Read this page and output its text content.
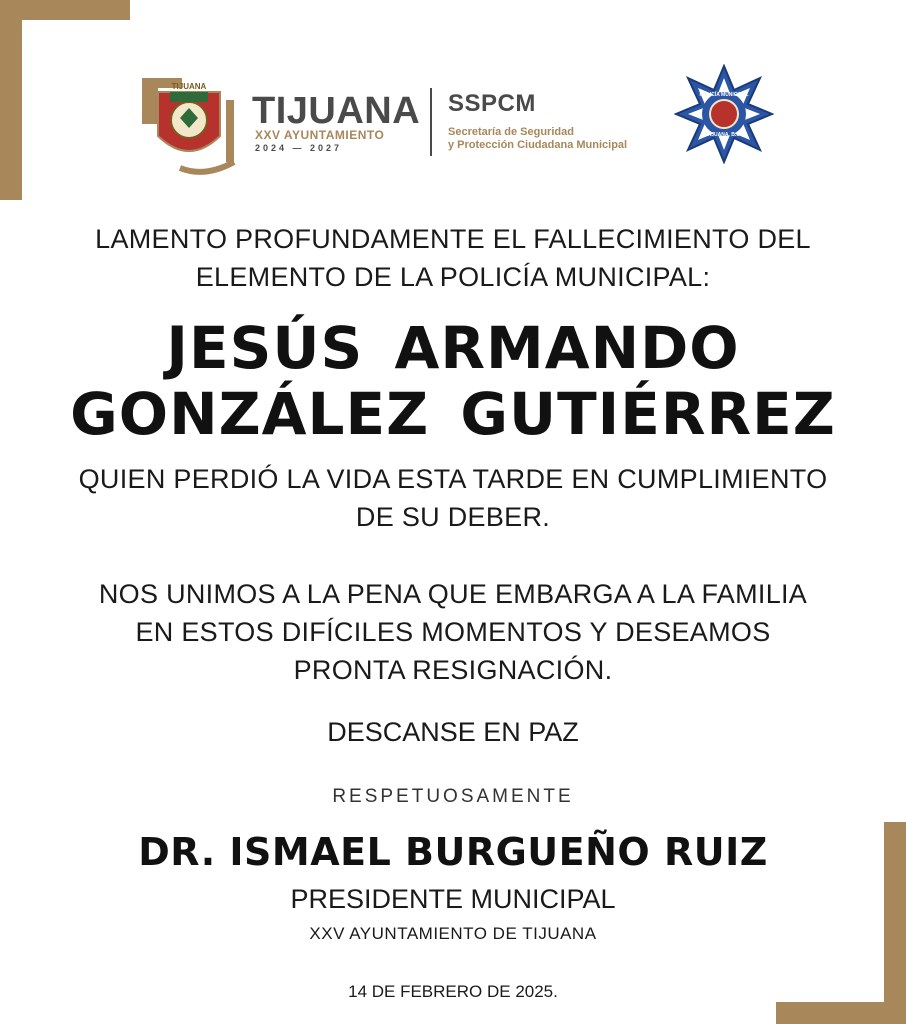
TIJUANA
TIJUANA
XXV AYUNTAMIENTO
2024 — 2027
SSPCM
Secretaría de Seguridad
y Protección Ciudadana Municipal
POLICÍA MUNICIPAL
TIJUANA, B.C.
LAMENTO PROFUNDAMENTE EL FALLECIMIENTO DEL
ELEMENTO DE LA POLICÍA MUNICIPAL:
JESÚS ARMANDO
GONZÁLEZ GUTIÉRREZ
QUIEN PERDIÓ LA VIDA ESTA TARDE EN CUMPLIMIENTO
DE SU DEBER.
NOS UNIMOS A LA PENA QUE EMBARGA A LA FAMILIA
EN ESTOS DIFÍCILES MOMENTOS Y DESEAMOS
PRONTA RESIGNACIÓN.
DESCANSE EN PAZ
RESPETUOSAMENTE
DR. ISMAEL BURGUEÑO RUIZ
PRESIDENTE MUNICIPAL
XXV AYUNTAMIENTO DE TIJUANA
14 DE FEBRERO DE 2025.
